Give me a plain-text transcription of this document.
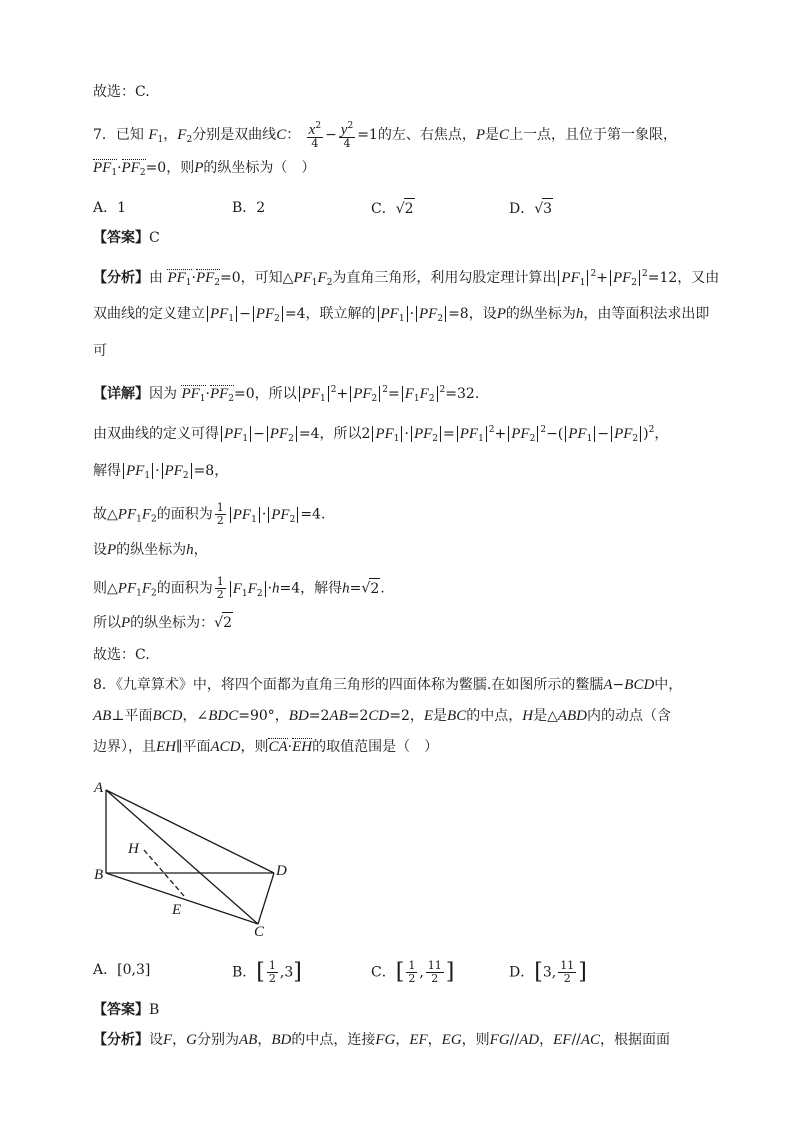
故选：C.
7．已知 $F_1$，$F_2$分别是双曲线C： $\frac{x^2}{4} - \frac{y^2}{4} =1$的左、右焦点，P是C上一点，且位于第一象限，
$PF_1\cdot PF_2=0$，则P的纵坐标为（　）
A．1	B．2	C．√2	D．√3
【答案】C
【分析】由 $PF_1\cdot PF_2=0$，可知$\triangle PF_1F_2$为直角三角形，利用勾股定理计算出 $PF_1^2+ PF_2^2=12$，又由
双曲线的定义建立 $PF_1 - PF_2 =4$，联立解的 $PF_1 \cdot PF_2 =8$，设P的纵坐标为h，由等面积法求出即
可
【详解】因为 $PF_1\cdot PF_2=0$，所以 $PF_1^2+ PF_2^2= F_1F_2^2=32$.
由双曲线的定义可得 $PF_1 - PF_2 =4$，所以2 $PF_1 \cdot PF_2 = PF_1^2+ PF_2^2-$( $PF_1 - PF_2$ )$^2$，
解得 $PF_1 \cdot PF_2 =8$，
故$\triangle PF_1F_2$的面积为 $\frac{1}{2} PF_1 \cdot PF_2 =4$.
设P的纵坐标为h，
则$\triangle PF_1F_2$的面积为 $\frac{1}{2} F_1F_2 \cdot h=4$，解得h=√2.
所以P的纵坐标为：√2
故选：C.
8．《九章算术》中，将四个面都为直角三角形的四面体称为鳖臑.在如图所示的鳖臑A−BCD中，
AB⊥平面BCD，∠BDC=90°，BD=2AB=2CD=2，E是BC的中点，H是△ABD内的动点（含
边界），且EH∥平面ACD，则CA·EH的取值范围是（　）
A
B	D
C
E
H
A．[0,3]	B．[ $\frac{1}{2} ,3$]	C．[ $\frac{1}{2}$ , $\frac{11}{2}$ ]	D．[3, $\frac{11}{2}$ ]
【答案】B
【分析】设F，G分别为AB，BD的中点，连接FG，EF，EG，则FG//AD，EF//AC，根据面面
